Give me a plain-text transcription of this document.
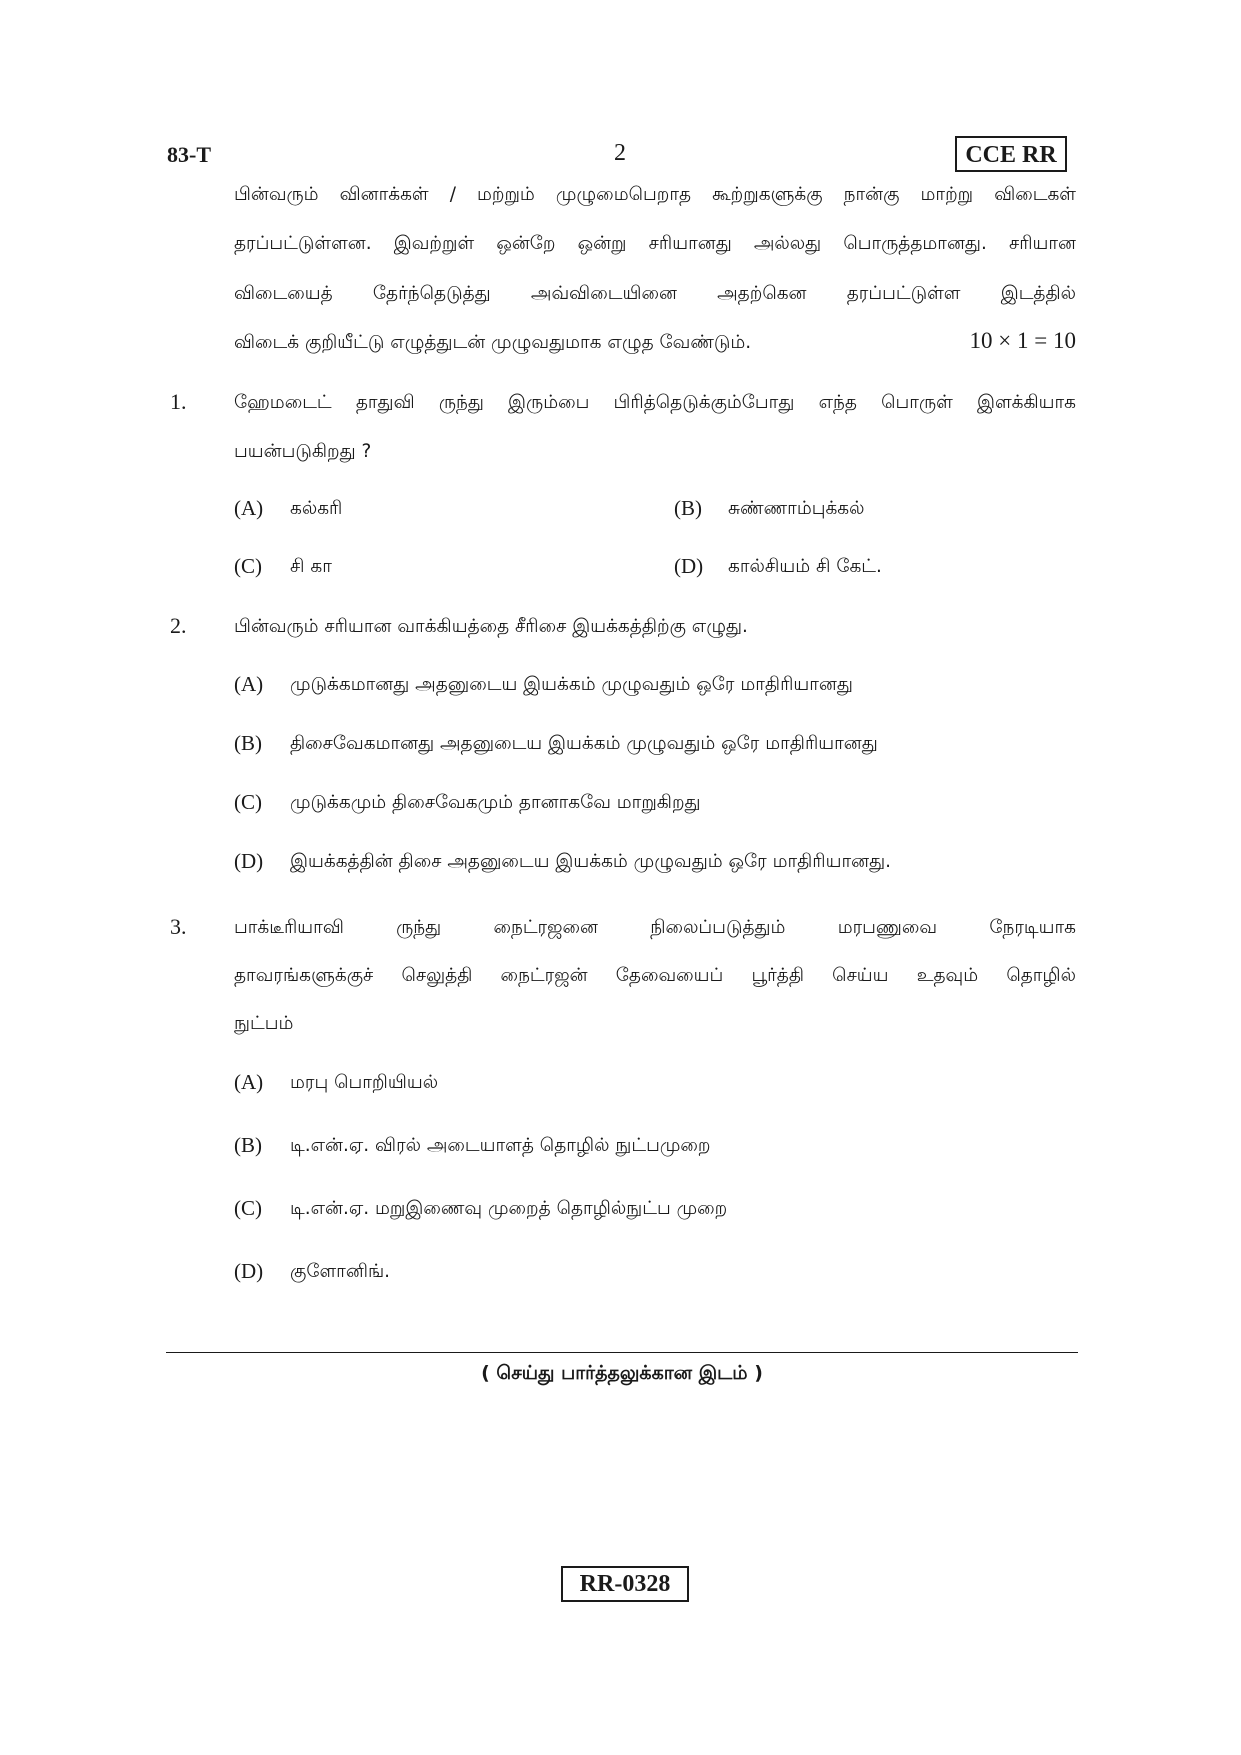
83-T	2	CCE RR
பின்வரும் வினாக்கள் / மற்றும் முழுமைபெறாத கூற்றுகளுக்கு நான்கு மாற்று விடைகள்
தரப்பட்டுள்ளன. இவற்றுள் ஒன்றே ஒன்று சரியானது அல்லது பொருத்தமானது. சரியான
விடையைத் தேர்ந்தெடுத்து அவ்விடையினை அதற்கென தரப்பட்டுள்ள இடத்தில்
விடைக் குறியீட்டு எழுத்துடன் முழுவதுமாக எழுத வேண்டும்.	10 × 1 = 10
1.	ஹேமடைட் தாதுவி ருந்து இரும்பை பிரித்தெடுக்கும்போது எந்த பொருள் இளக்கியாக
பயன்படுகிறது ?
(A) கல்கரி	(B) சுண்ணாம்புக்கல்
(C) சி கா	(D) கால்சியம் சி கேட்.
2.	பின்வரும் சரியான வாக்கியத்தை சீரிசை இயக்கத்திற்கு எழுது.
(A) முடுக்கமானது அதனுடைய இயக்கம் முழுவதும் ஒரே மாதிரியானது
(B) திசைவேகமானது அதனுடைய இயக்கம் முழுவதும் ஒரே மாதிரியானது
(C) முடுக்கமும் திசைவேகமும் தானாகவே மாறுகிறது
(D) இயக்கத்தின் திசை அதனுடைய இயக்கம் முழுவதும் ஒரே மாதிரியானது.
3.	பாக்டீரியாவி ருந்து நைட்ரஜனை நிலைப்படுத்தும் மரபணுவை நேரடியாக
தாவரங்களுக்குச் செலுத்தி நைட்ரஜன் தேவையைப் பூர்த்தி செய்ய உதவும் தொழில்
நுட்பம்
(A) மரபு பொறியியல்
(B) டி.என்.ஏ. விரல் அடையாளத் தொழில் நுட்பமுறை
(C) டி.என்.ஏ. மறுஇணைவு முறைத் தொழில்நுட்ப முறை
(D) குளோனிங்.
( செய்து பார்த்தலுக்கான இடம் )
RR-0328
